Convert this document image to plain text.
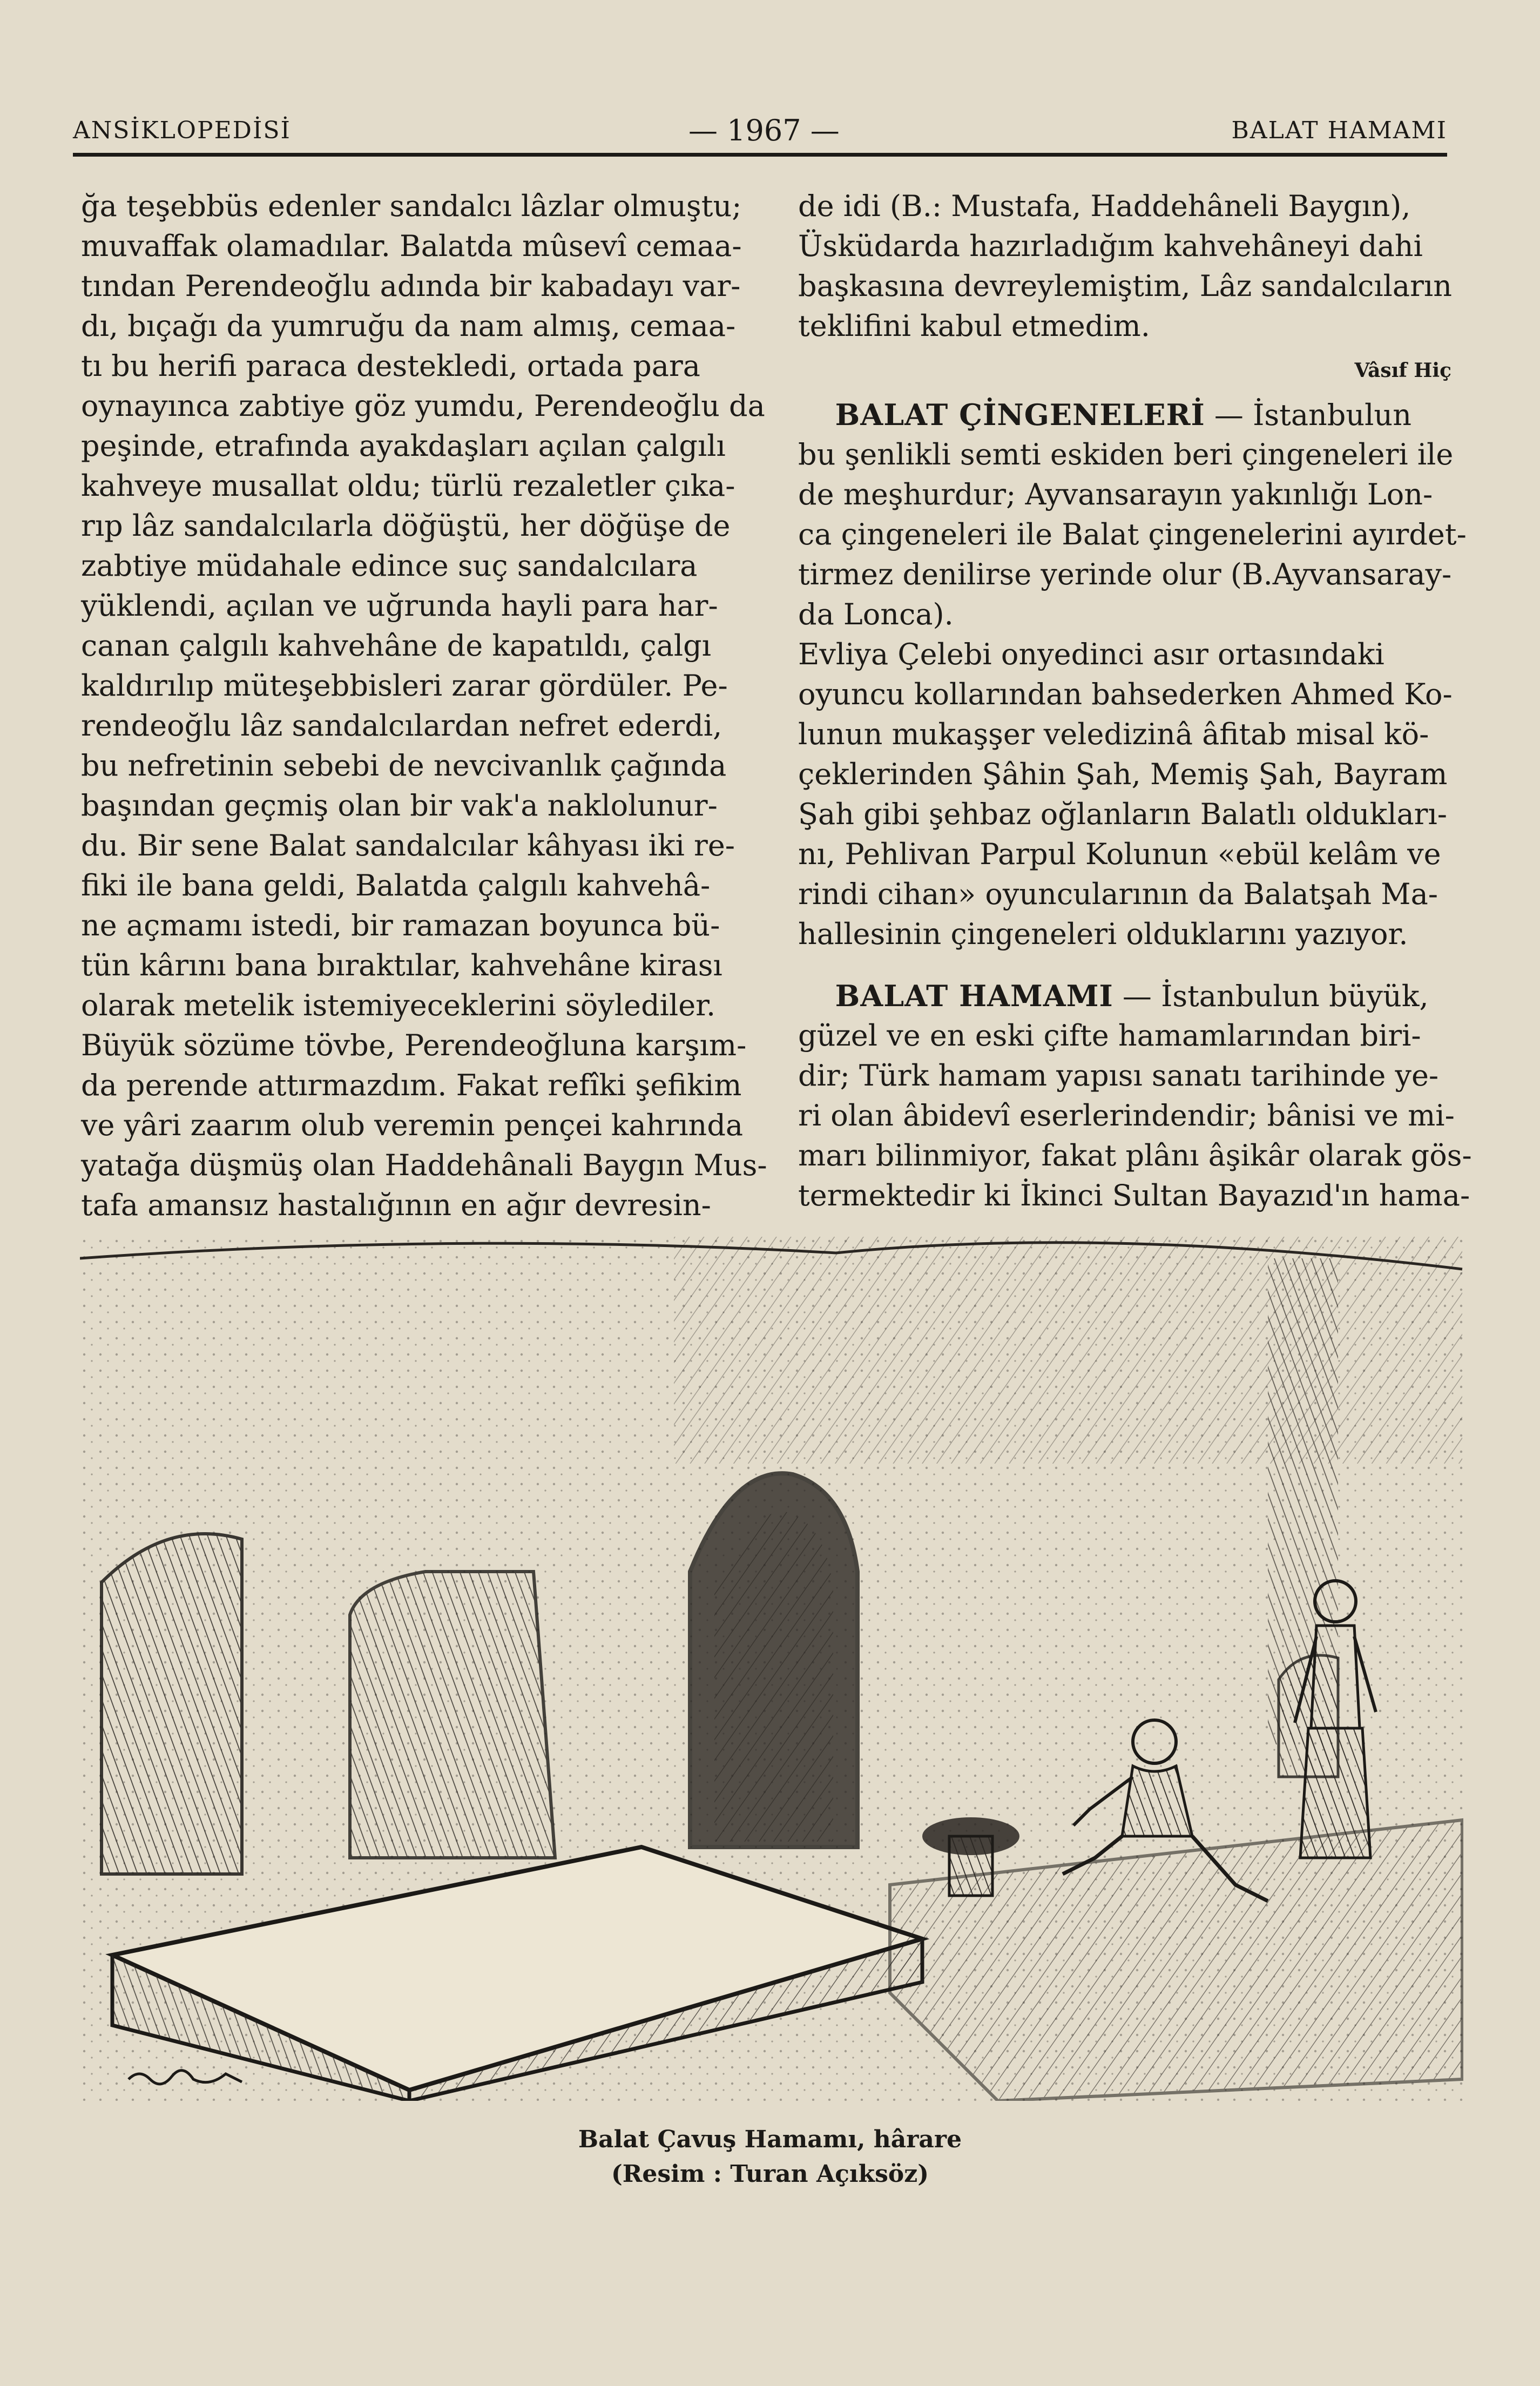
ANSİKLOPEDİSİ	— 1967 —	BALAT HAMAMI
ğa teşebbüs edenler sandalcı lâzlar olmuştu;
muvaffak olamadılar. Balatda mûsevî cemaa-
tından Perendeoğlu adında bir kabadayı var-
dı, bıçağı da yumruğu da nam almış, cemaa-
tı bu herifi paraca destekledi, ortada para
oynayınca zabtiye göz yumdu, Perendeoğlu da
peşinde, etrafında ayakdaşları açılan çalgılı
kahveye musallat oldu; türlü rezaletler çıka-
rıp lâz sandalcılarla döğüştü, her döğüşe de
zabtiye müdahale edince suç sandalcılara
yüklendi, açılan ve uğrunda hayli para har-
canan çalgılı kahvehâne de kapatıldı, çalgı
kaldırılıp müteşebbisleri zarar gördüler. Pe-
rendeoğlu lâz sandalcılardan nefret ederdi,
bu nefretinin sebebi de nevcivanlık çağında
başından geçmiş olan bir vak'a naklolunur-
du. Bir sene Balat sandalcılar kâhyası iki re-
fiki ile bana geldi, Balatda çalgılı kahvehâ-
ne açmamı istedi, bir ramazan boyunca bü-
tün kârını bana bıraktılar, kahvehâne kirası
olarak metelik istemiyeceklerini söylediler.
Büyük sözüme tövbe, Perendeoğluna karşım-
da perende attırmazdım. Fakat refîki şefikim
ve yâri zaarım olub veremin pençei kahrında
yatağa düşmüş olan Haddehânali Baygın Mus-
tafa amansız hastalığının en ağır devresin-
de idi (B.: Mustafa, Haddehâneli Baygın),
Üsküdarda hazırladığım kahvehâneyi dahi
başkasına devreylemiştim, Lâz sandalcıların
teklifini kabul etmedim.
Vâsıf Hiç
BALAT ÇİNGENELERİ — İstanbulun
bu şenlikli semti eskiden beri çingeneleri ile
de meşhurdur; Ayvansarayın yakınlığı Lon-
ca çingeneleri ile Balat çingenelerini ayırdet-
tirmez denilirse yerinde olur (B.Ayvansaray-
da Lonca).
Evliya Çelebi onyedinci asır ortasındaki
oyuncu kollarından bahsederken Ahmed Ko-
lunun mukaşşer veledizinâ âfitab misal kö-
çeklerinden Şâhin Şah, Memiş Şah, Bayram
Şah gibi şehbaz oğlanların Balatlı oldukları-
nı, Pehlivan Parpul Kolunun «ebül kelâm ve
rindi cihan» oyuncularının da Balatşah Ma-
hallesinin çingeneleri olduklarını yazıyor.
BALAT HAMAMI — İstanbulun büyük,
güzel ve en eski çifte hamamlarından biri-
dir; Türk hamam yapısı sanatı tarihinde ye-
ri olan âbidevî eserlerindendir; bânisi ve mi-
marı bilinmiyor, fakat plânı âşikâr olarak gös-
termektedir ki İkinci Sultan Bayazıd'ın hama-
Balat Çavuş Hamamı, hârare
(Resim : Turan Açıksöz)
